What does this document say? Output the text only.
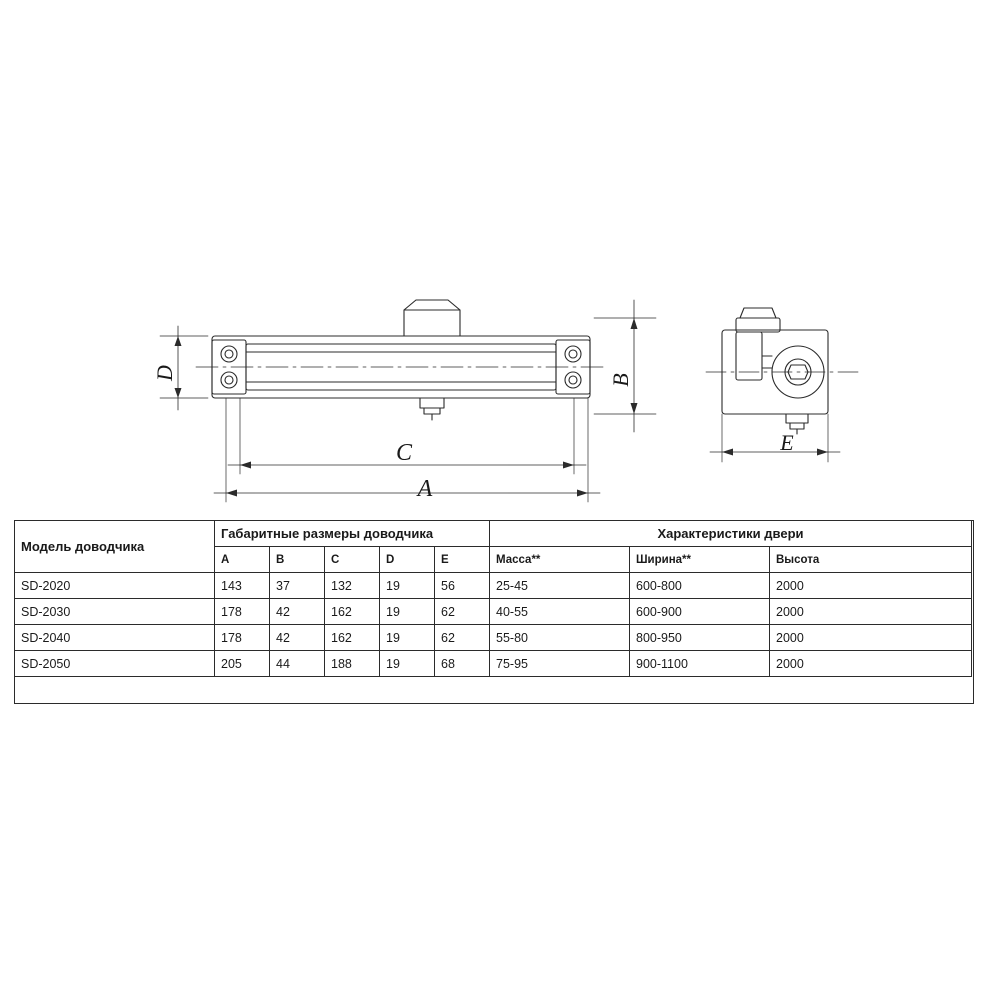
D	B
C
A
E
Модель доводчика	Габаритные размеры доводчика					Характеристики двери		
	A	B	C	D	E	Масса**	Ширина**	Высота
SD-2020	143	37	132	19	56	25-45	600-800	2000
SD-2030	178	42	162	19	62	40-55	600-900	2000
SD-2040	178	42	162	19	62	55-80	800-950	2000
SD-2050	205	44	188	19	68	75-95	900-1100	2000
